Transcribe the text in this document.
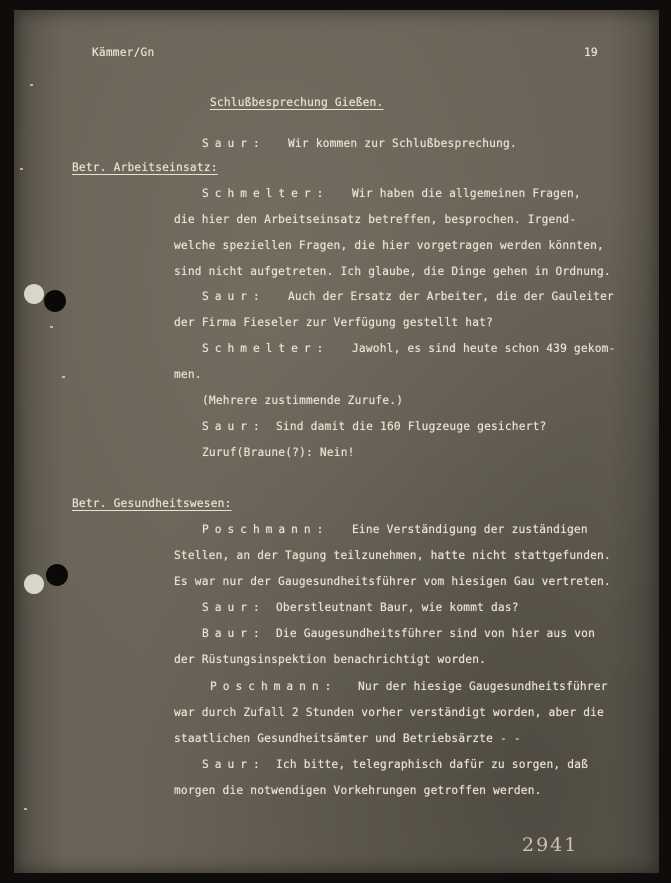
Kämmer/Gn	19
Schlußbesprechung Gießen.
Saur: Wir kommen zur Schlußbesprechung.
Betr. Arbeitseinsatz:
Schmelter: Wir haben die allgemeinen Fragen,
die hier den Arbeitseinsatz betreffen, besprochen. Irgend-
welche speziellen Fragen, die hier vorgetragen werden könnten,
sind nicht aufgetreten. Ich glaube, die Dinge gehen in Ordnung.
Saur: Auch der Ersatz der Arbeiter, die der Gauleiter
der Firma Fieseler zur Verfügung gestellt hat?
Schmelter: Jawohl, es sind heute schon 439 gekom-
men.
(Mehrere zustimmende Zurufe.)
Saur: Sind damit die 160 Flugzeuge gesichert?
Zuruf(Braune(?): Nein!
Betr. Gesundheitswesen:
Poschmann: Eine Verständigung der zuständigen
Stellen, an der Tagung teilzunehmen, hatte nicht stattgefunden.
Es war nur der Gaugesundheitsführer vom hiesigen Gau vertreten.
Saur: Oberstleutnant Baur, wie kommt das?
Baur: Die Gaugesundheitsführer sind von hier aus von
der Rüstungsinspektion benachrichtigt worden.
Poschmann: Nur der hiesige Gaugesundheitsführer
war durch Zufall 2 Stunden vorher verständigt worden, aber die
staatlichen Gesundheitsämter und Betriebsärzte - -
Saur: Ich bitte, telegraphisch dafür zu sorgen, daß
morgen die notwendigen Vorkehrungen getroffen werden.
2941
